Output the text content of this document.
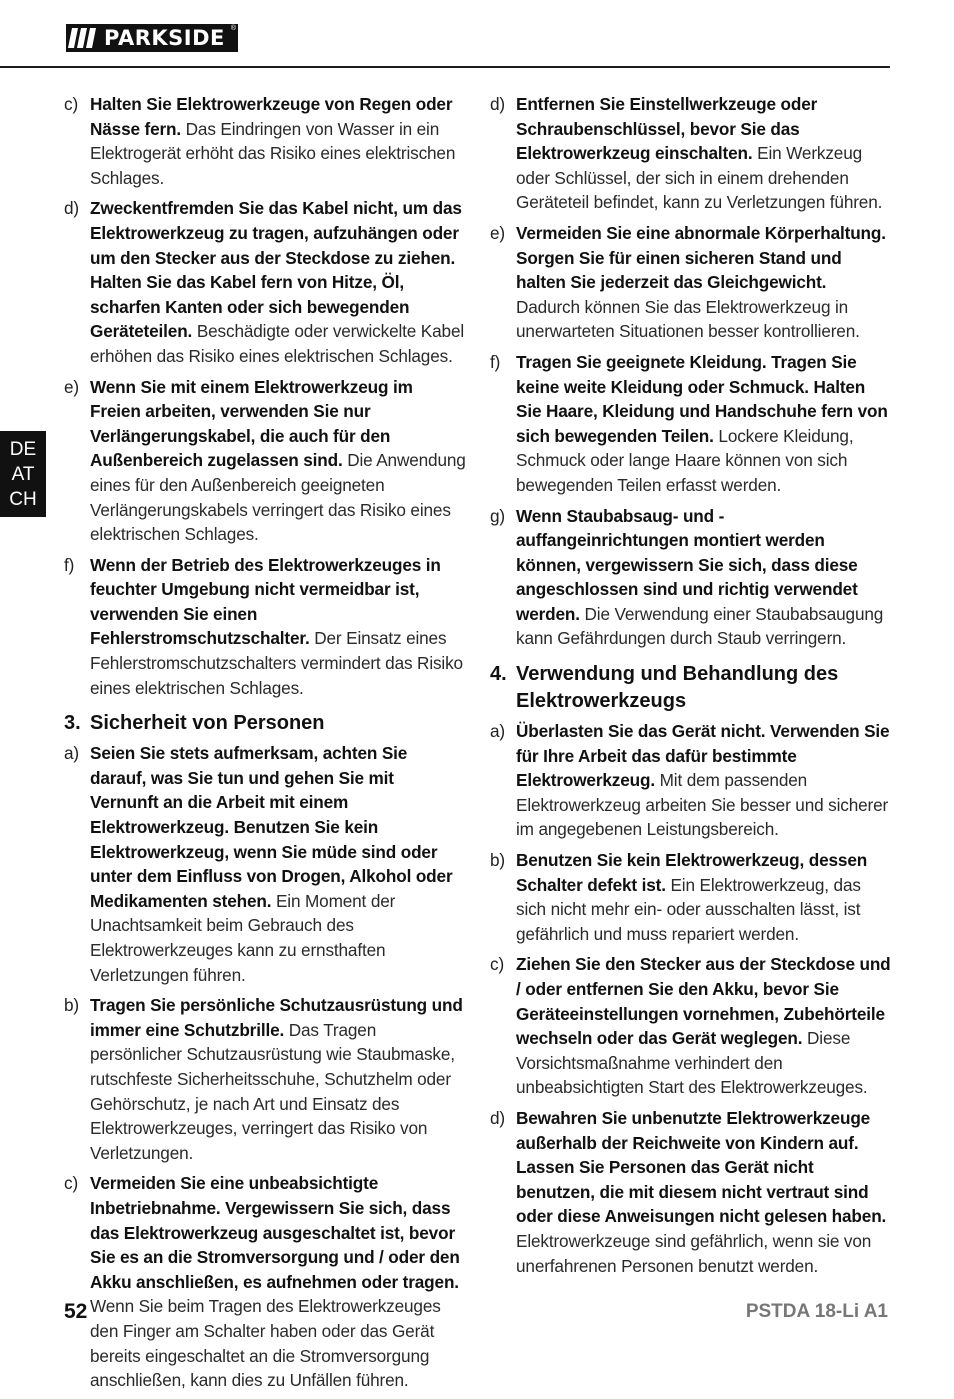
PARKSIDE ®
DE
AT
CH
c) Halten Sie Elektrowerkzeuge von Regen oder Nässe fern. Das Eindringen von Wasser in ein Elektrogerät erhöht das Risiko eines elektrischen Schlages.
d) Zweckentfremden Sie das Kabel nicht, um das Elektrowerkzeug zu tragen, aufzuhängen oder um den Stecker aus der Steckdose zu ziehen. Halten Sie das Kabel fern von Hitze, Öl, scharfen Kanten oder sich bewegenden Geräteteilen. Beschädigte oder verwickelte Kabel erhöhen das Risiko eines elektrischen Schlages.
e) Wenn Sie mit einem Elektrowerkzeug im Freien arbeiten, verwenden Sie nur Verlängerungskabel, die auch für den Außenbereich zugelassen sind. Die Anwendung eines für den Außenbereich geeigneten Verlängerungskabels verringert das Risiko eines elektrischen Schlages.
f) Wenn der Betrieb des Elektrowerkzeuges in feuchter Umgebung nicht vermeidbar ist, verwenden Sie einen Fehlerstromschutzschalter. Der Einsatz eines Fehlerstromschutzschalters vermindert das Risiko eines elektrischen Schlages.
3. Sicherheit von Personen
a) Seien Sie stets aufmerksam, achten Sie darauf, was Sie tun und gehen Sie mit Vernunft an die Arbeit mit einem Elektrowerkzeug. Benutzen Sie kein Elektrowerkzeug, wenn Sie müde sind oder unter dem Einfluss von Drogen, Alkohol oder Medikamenten stehen. Ein Moment der Unachtsamkeit beim Gebrauch des Elektrowerkzeuges kann zu ernsthaften Verletzungen führen.
b) Tragen Sie persönliche Schutzausrüstung und immer eine Schutzbrille. Das Tragen persönlicher Schutzausrüstung wie Staubmaske, rutschfeste Sicherheitsschuhe, Schutzhelm oder Gehörschutz, je nach Art und Einsatz des Elektrowerkzeuges, verringert das Risiko von Verletzungen.
c) Vermeiden Sie eine unbeabsichtigte Inbetriebnahme. Vergewissern Sie sich, dass das Elektrowerkzeug ausgeschaltet ist, bevor Sie es an die Stromversorgung und / oder den Akku anschließen, es aufnehmen oder tragen. Wenn Sie beim Tragen des Elektrowerkzeuges den Finger am Schalter haben oder das Gerät bereits eingeschaltet an die Stromversorgung anschließen, kann dies zu Unfällen führen.
d) Entfernen Sie Einstellwerkzeuge oder Schraubenschlüssel, bevor Sie das Elektrowerkzeug einschalten. Ein Werkzeug oder Schlüssel, der sich in einem drehenden Geräteteil befindet, kann zu Verletzungen führen.
e) Vermeiden Sie eine abnormale Körperhaltung. Sorgen Sie für einen sicheren Stand und halten Sie jederzeit das Gleichgewicht. Dadurch können Sie das Elektrowerkzeug in unerwarteten Situationen besser kontrollieren.
f) Tragen Sie geeignete Kleidung. Tragen Sie keine weite Kleidung oder Schmuck. Halten Sie Haare, Kleidung und Handschuhe fern von sich bewegenden Teilen. Lockere Kleidung, Schmuck oder lange Haare können von sich bewegenden Teilen erfasst werden.
g) Wenn Staubabsaug- und -auffangeinrichtungen montiert werden können, vergewissern Sie sich, dass diese angeschlossen sind und richtig verwendet werden. Die Verwendung einer Staubabsaugung kann Gefährdungen durch Staub verringern.
4. Verwendung und Behandlung des Elektrowerkzeugs
a) Überlasten Sie das Gerät nicht. Verwenden Sie für Ihre Arbeit das dafür bestimmte Elektrowerkzeug. Mit dem passenden Elektrowerkzeug arbeiten Sie besser und sicherer im angegebenen Leistungsbereich.
b) Benutzen Sie kein Elektrowerkzeug, dessen Schalter defekt ist. Ein Elektrowerkzeug, das sich nicht mehr ein- oder ausschalten lässt, ist gefährlich und muss repariert werden.
c) Ziehen Sie den Stecker aus der Steckdose und / oder entfernen Sie den Akku, bevor Sie Geräteeinstellungen vornehmen, Zubehörteile wechseln oder das Gerät weglegen. Diese Vorsichtsmaßnahme verhindert den unbeabsichtigten Start des Elektrowerkzeuges.
d) Bewahren Sie unbenutzte Elektrowerkzeuge außerhalb der Reichweite von Kindern auf. Lassen Sie Personen das Gerät nicht benutzen, die mit diesem nicht vertraut sind oder diese Anweisungen nicht gelesen haben. Elektrowerkzeuge sind gefährlich, wenn sie von unerfahrenen Personen benutzt werden.
52	PSTDA 18-Li A1
